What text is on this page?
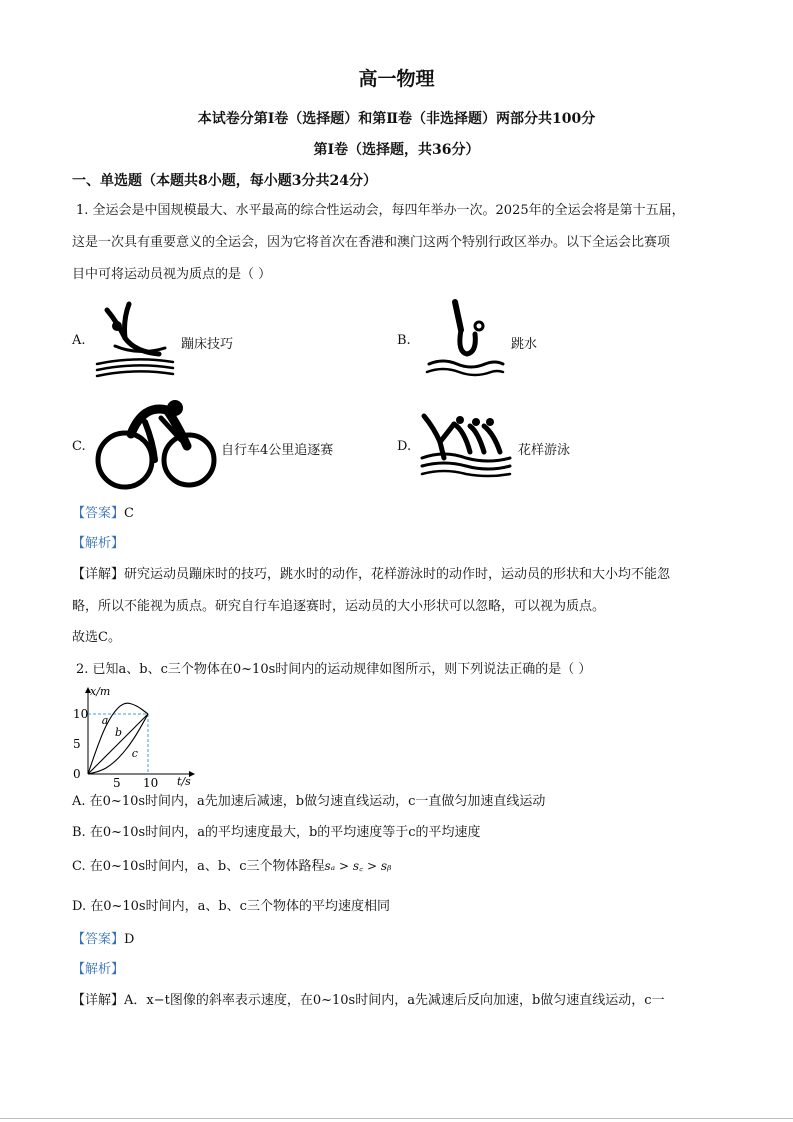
高一物理
本试卷分第Ⅰ卷（选择题）和第Ⅱ卷（非选择题）两部分共100分
第Ⅰ卷（选择题，共36分）
一、单选题（本题共8小题，每小题3分共24分）
1. 全运会是中国规模最大、水平最高的综合性运动会，每四年举办一次。2025年的全运会将是第十五届，
这是一次具有重要意义的全运会，因为它将首次在香港和澳门这两个特别行政区举办。以下全运会比赛项
目中可将运动员视为质点的是（ ）
A.	蹦床技巧	B.	跳水
C.	自行车4公里追逐赛	D.	花样游泳
【答案】C
【解析】
【详解】研究运动员蹦床时的技巧，跳水时的动作，花样游泳时的动作时，运动员的形状和大小均不能忽
略，所以不能视为质点。研究自行车追逐赛时，运动员的大小形状可以忽略，可以视为质点。
故选C。
2. 已知a、b、c三个物体在0~10s时间内的运动规律如图所示，则下列说法正确的是（ ）
10
5
0
5 10
x/m
t/s
a
b
c
A. 在0~10s时间内，a先加速后减速，b做匀速直线运动，c一直做匀加速直线运动
B. 在0~10s时间内，a的平均速度最大，b的平均速度等于c的平均速度
C. 在0~10s时间内，a、b、c三个物体路程sₐ > s꜀ > sᵦ
D. 在0~10s时间内，a、b、c三个物体的平均速度相同
【答案】D
【解析】
【详解】A．x−t图像的斜率表示速度，在0~10s时间内，a先减速后反向加速，b做匀速直线运动，c一
